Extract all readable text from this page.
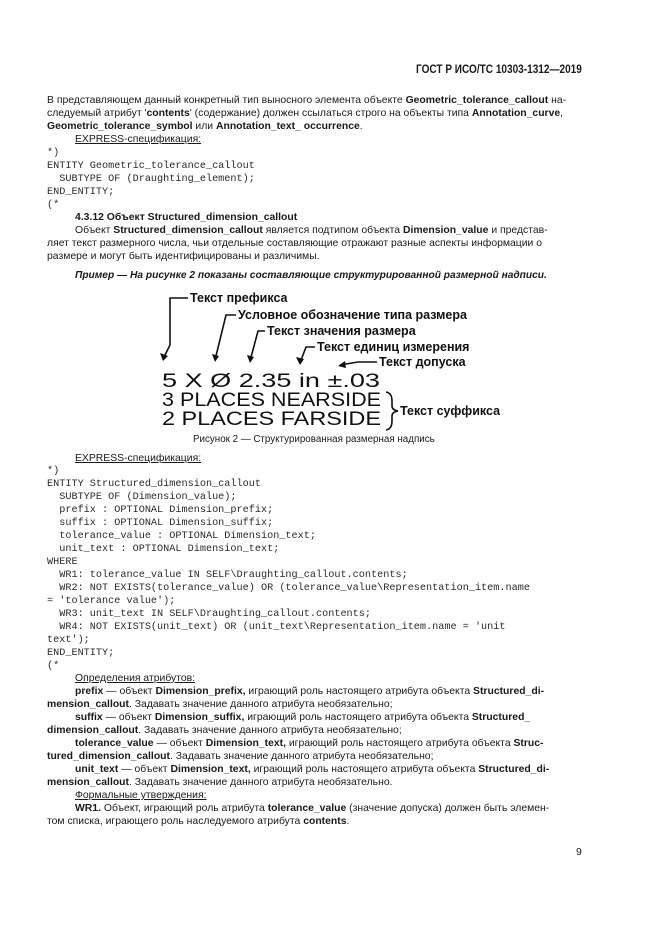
ГОСТ Р ИСО/ТС 10303-1312—2019
В представляющем данный конкретный тип выносного элемента объекте Geometric_tolerance_callout на-
следуемый атрибут 'contents' (содержание) должен ссылаться строго на объекты типа Annotation_curve,
Geometric_tolerance_symbol или Annotation_text_ occurrence.
EXPRESS-спецификация:
*)
ENTITY Geometric_tolerance_callout
SUBTYPE OF (Draughting_element);
END_ENTITY;
(*
4.3.12 Объект Structured_dimension_callout
Объект Structured_dimension_callout является подтипом объекта Dimension_value и представ-
ляет текст размерного числа, чьи отдельные составляющие отражают разные аспекты информации о
размере и могут быть идентифицированы и различимы.
Пример — На рисунке 2 показаны составляющие структурированной размерной надписи.
Текст префикса
Условное обозначение типа размера
Текст значения размера
Текст единиц измерения
Текст допуска
Текст суффикса
5 X Ø 2.35 in ±.03
3 PLACES NEARSIDE
2 PLACES FARSIDE
Рисунок 2 — Структурированная размерная надпись
EXPRESS-спецификация:
*)
ENTITY Structured_dimension_callout
SUBTYPE OF (Dimension_value);
prefix : OPTIONAL Dimension_prefix;
suffix : OPTIONAL Dimension_suffix;
tolerance_value : OPTIONAL Dimension_text;
unit_text : OPTIONAL Dimension_text;
WHERE
WR1: tolerance_value IN SELF\Draughting_callout.contents;
WR2: NOT EXISTS(tolerance_value) OR (tolerance_value\Representation_item.name
= 'tolerance value');
WR3: unit_text IN SELF\Draughting_callout.contents;
WR4: NOT EXISTS(unit_text) OR (unit_text\Representation_item.name = 'unit
text');
END_ENTITY;
(*
Определения атрибутов:
prefix — объект Dimension_prefix, играющий роль настоящего атрибута объекта Structured_di-
mension_callout. Задавать значение данного атрибута необязательно;
suffix — объект Dimension_suffix, играющий роль настоящего атрибута объекта Structured_
dimension_callout. Задавать значение данного атрибута необязательно;
tolerance_value — объект Dimension_text, играющий роль настоящего атрибута объекта Struc-
tured_dimension_callout. Задавать значение данного атрибута необязательно;
unit_text — объект Dimension_text, играющий роль настоящего атрибута объекта Structured_di-
mension_callout. Задавать значение данного атрибута необязательно.
Формальные утверждения:
WR1. Объект, играющий роль атрибута tolerance_value (значение допуска) должен быть элемен-
том списка, играющего роль наследуемого атрибута contents.
9
